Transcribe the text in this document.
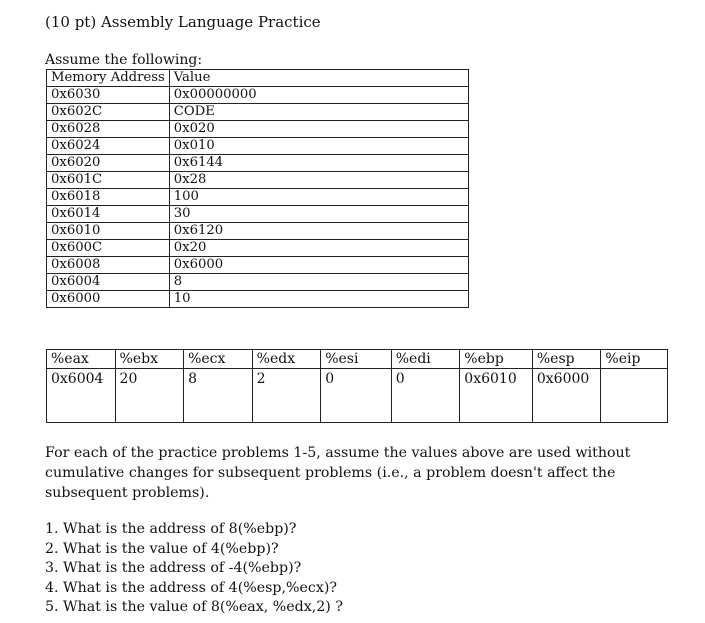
(10 pt) Assembly Language Practice
Assume the following:
Memory Address	Value
0x6030	0x00000000
0x602C	CODE
0x6028	0x020
0x6024	0x010
0x6020	0x6144
0x601C	0x28
0x6018	100
0x6014	30
0x6010	0x6120
0x600C	0x20
0x6008	0x6000
0x6004	8
0x6000	10
%eax	%ebx	%ecx	%edx	%esi	%edi	%ebp	%esp	%eip
0x6004	20	8	2	0	0	0x6010	0x6000	
For each of the practice problems 1-5, assume the values above are used without cumulative changes for subsequent problems (i.e., a problem doesn't affect the subsequent problems).
1. What is the address of 8(%ebp)?
2. What is the value of 4(%ebp)?
3. What is the address of -4(%ebp)?
4. What is the address of 4(%esp,%ecx)?
5. What is the value of 8(%eax, %edx,2) ?
